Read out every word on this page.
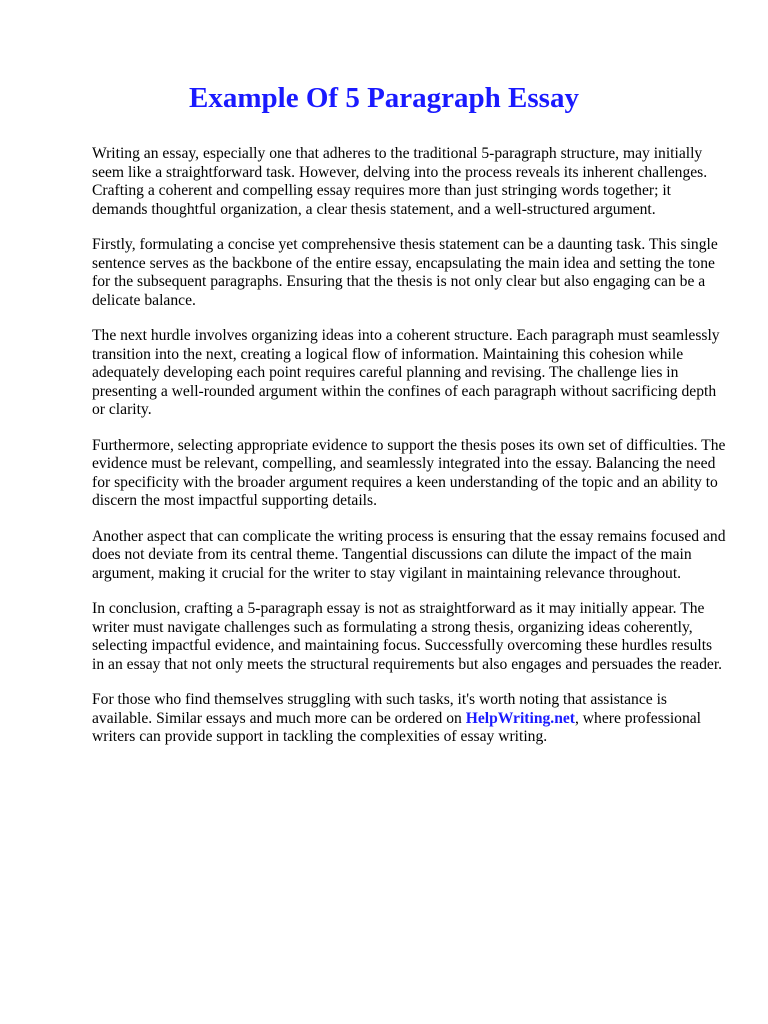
Example Of 5 Paragraph Essay

Writing an essay, especially one that adheres to the traditional 5-paragraph structure, may initially seem like a straightforward task. However, delving into the process reveals its inherent challenges. Crafting a coherent and compelling essay requires more than just stringing words together; it demands thoughtful organization, a clear thesis statement, and a well-structured argument.

Firstly, formulating a concise yet comprehensive thesis statement can be a daunting task. This single sentence serves as the backbone of the entire essay, encapsulating the main idea and setting the tone for the subsequent paragraphs. Ensuring that the thesis is not only clear but also engaging can be a delicate balance.

The next hurdle involves organizing ideas into a coherent structure. Each paragraph must seamlessly transition into the next, creating a logical flow of information. Maintaining this cohesion while adequately developing each point requires careful planning and revising. The challenge lies in presenting a well-rounded argument within the confines of each paragraph without sacrificing depth or clarity.

Furthermore, selecting appropriate evidence to support the thesis poses its own set of difficulties. The evidence must be relevant, compelling, and seamlessly integrated into the essay. Balancing the need for specificity with the broader argument requires a keen understanding of the topic and an ability to discern the most impactful supporting details.

Another aspect that can complicate the writing process is ensuring that the essay remains focused and does not deviate from its central theme. Tangential discussions can dilute the impact of the main argument, making it crucial for the writer to stay vigilant in maintaining relevance throughout.

In conclusion, crafting a 5-paragraph essay is not as straightforward as it may initially appear. The writer must navigate challenges such as formulating a strong thesis, organizing ideas coherently, selecting impactful evidence, and maintaining focus. Successfully overcoming these hurdles results in an essay that not only meets the structural requirements but also engages and persuades the reader.

For those who find themselves struggling with such tasks, it's worth noting that assistance is available. Similar essays and much more can be ordered on HelpWriting.net, where professional writers can provide support in tackling the complexities of essay writing.
